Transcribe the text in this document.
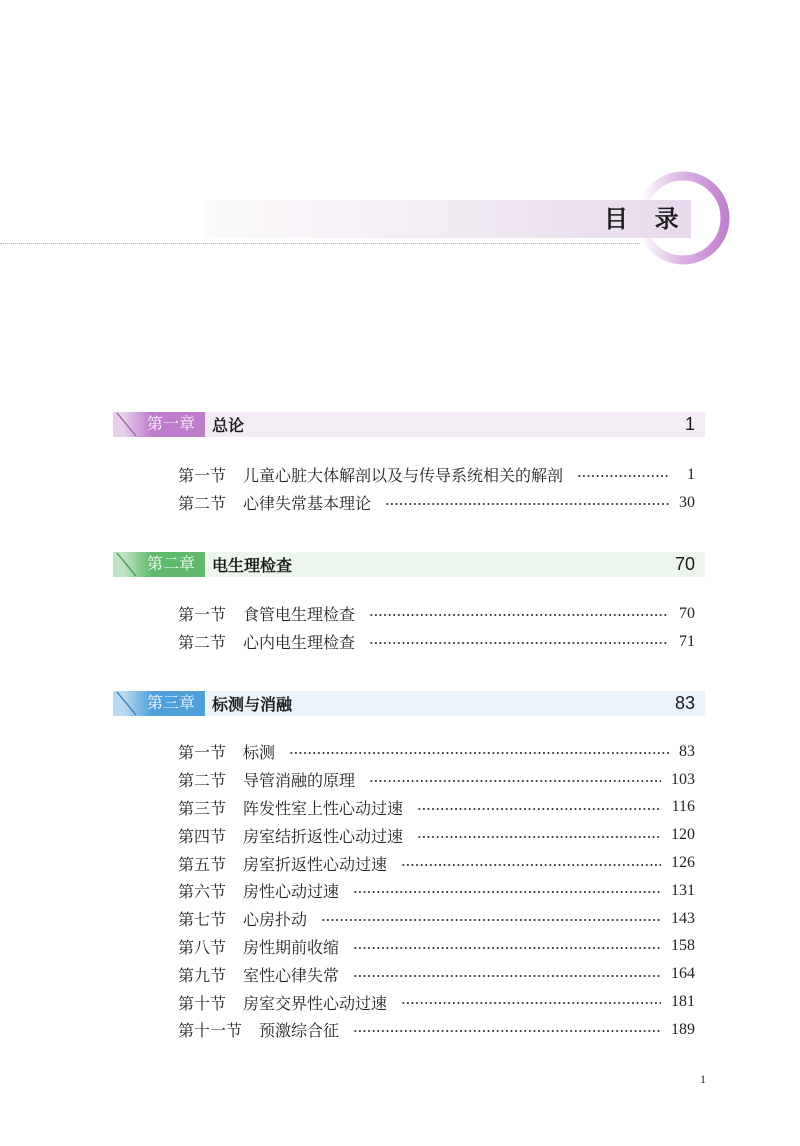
目 录
第一章	总论	1
第一节 儿童心脏大体解剖以及与传导系统相关的解剖	1
第二节 心律失常基本理论	30
第二章	电生理检查	70
第一节 食管电生理检查	70
第二节 心内电生理检查	71
第三章	标测与消融	83
第一节 标测	83
第二节 导管消融的原理	103
第三节 阵发性室上性心动过速	116
第四节 房室结折返性心动过速	120
第五节 房室折返性心动过速	126
第六节 房性心动过速	131
第七节 心房扑动	143
第八节 房性期前收缩	158
第九节 室性心律失常	164
第十节 房室交界性心动过速	181
第十一节 预激综合征	189
1
